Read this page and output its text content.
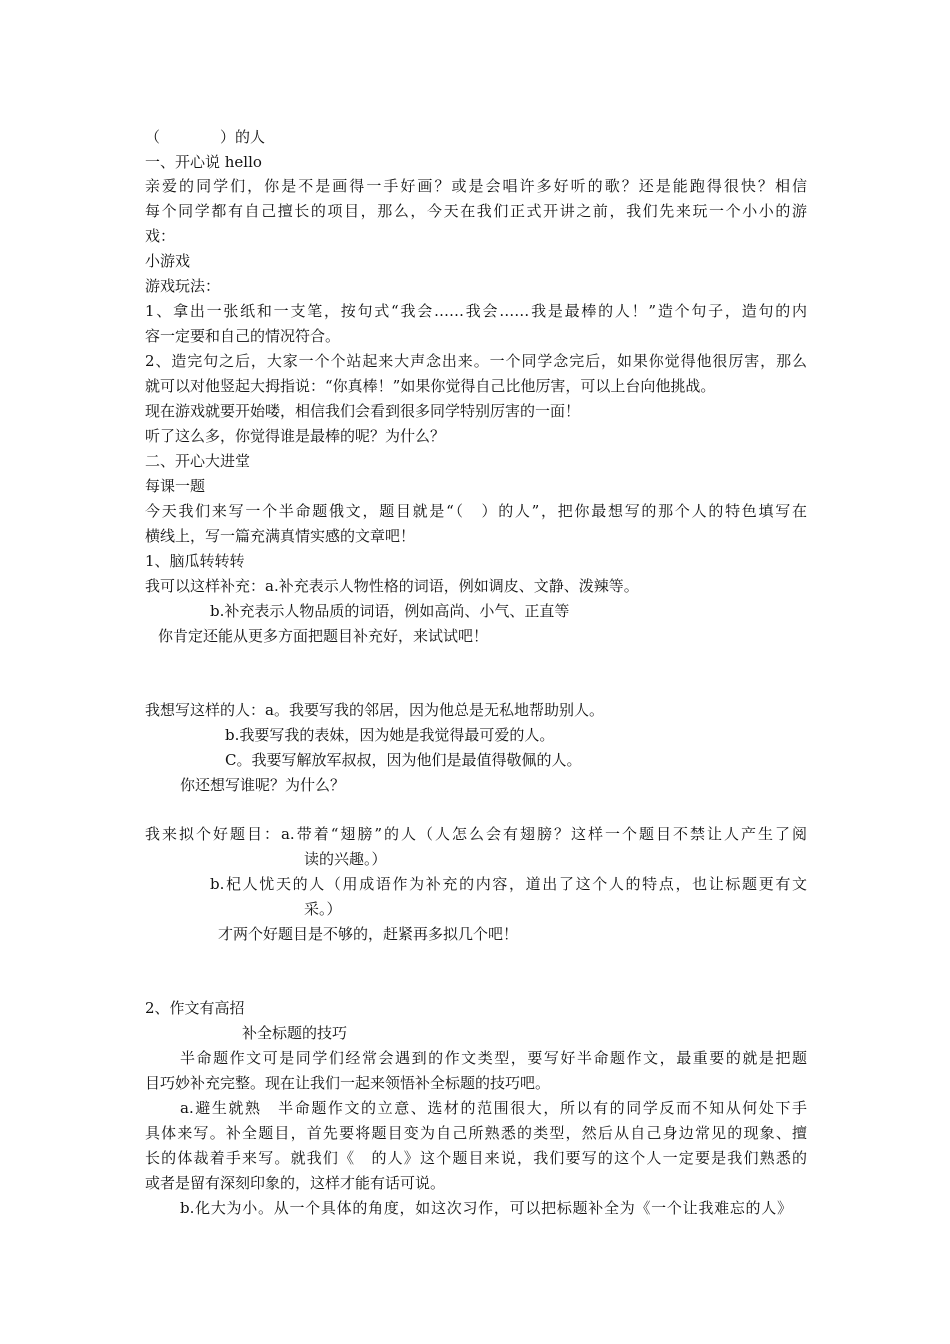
（　　　　）的人
一、开心说 hello
亲爱的同学们，你是不是画得一手好画？或是会唱许多好听的歌？还是能跑得很快？相信
每个同学都有自己擅长的项目，那么，今天在我们正式开讲之前，我们先来玩一个小小的游
戏：
小游戏
游戏玩法：
1、拿出一张纸和一支笔，按句式“我会……我会……我是最棒的人！”造个句子，造句的内
容一定要和自己的情况符合。
2、造完句之后，大家一个个站起来大声念出来。一个同学念完后，如果你觉得他很厉害，那么
就可以对他竖起大拇指说：“你真棒！”如果你觉得自己比他厉害，可以上台向他挑战。
现在游戏就要开始喽，相信我们会看到很多同学特别厉害的一面！
听了这么多，你觉得谁是最棒的呢？为什么？
二、开心大进堂
每课一题
今天我们来写一个半命题俄文，题目就是“（　）的人”，把你最想写的那个人的特色填写在
横线上，写一篇充满真情实感的文章吧！
1、脑瓜转转转
我可以这样补充：a.补充表示人物性格的词语，例如调皮、文静、泼辣等。
b.补充表示人物品质的词语，例如高尚、小气、正直等
你肯定还能从更多方面把题目补充好，来试试吧！
我想写这样的人：a。我要写我的邻居，因为他总是无私地帮助别人。
b.我要写我的表妹，因为她是我觉得最可爱的人。
C。我要写解放军叔叔，因为他们是最值得敬佩的人。
你还想写谁呢？为什么？
我来拟个好题目：a.带着“翅膀”的人（人怎么会有翅膀？这样一个题目不禁让人产生了阅
读的兴趣。）
b.杞人忧天的人（用成语作为补充的内容，道出了这个人的特点，也让标题更有文
采。）
才两个好题目是不够的，赶紧再多拟几个吧！
2、作文有高招
补全标题的技巧
半命题作文可是同学们经常会遇到的作文类型，要写好半命题作文，最重要的就是把题
目巧妙补充完整。现在让我们一起来领悟补全标题的技巧吧。
a.避生就熟　半命题作文的立意、选材的范围很大，所以有的同学反而不知从何处下手
具体来写。补全题目，首先要将题目变为自己所熟悉的类型，然后从自己身边常见的现象、擅
长的体裁着手来写。就我们《　的人》这个题目来说，我们要写的这个人一定要是我们熟悉的
或者是留有深刻印象的，这样才能有话可说。
b.化大为小。从一个具体的角度，如这次习作，可以把标题补全为《一个让我难忘的人》
